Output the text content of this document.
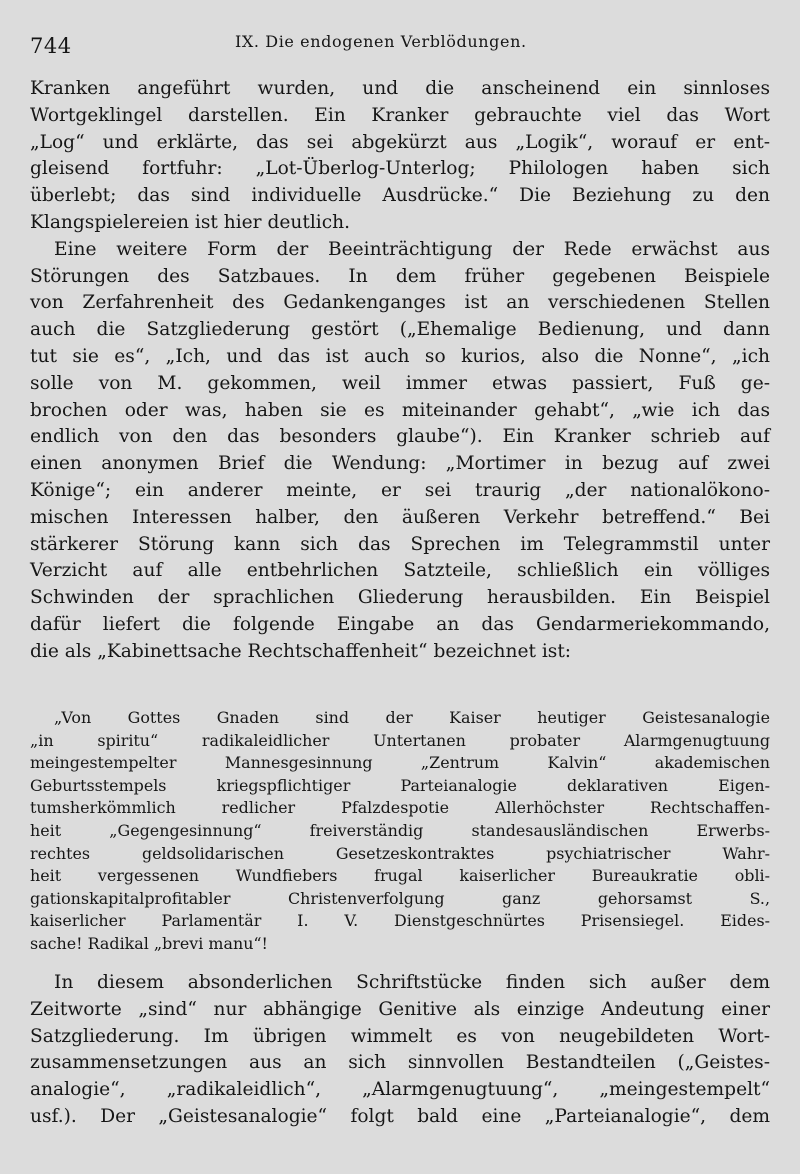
744	IX. Die endogenen Verblödungen.
Kranken angeführt wurden, und die anscheinend ein sinnloses
Wortgeklingel darstellen. Ein Kranker gebrauchte viel das Wort
„Log“ und erklärte, das sei abgekürzt aus „Logik“, worauf er ent-
gleisend fortfuhr: „Lot-Überlog-Unterlog; Philologen haben sich
überlebt; das sind individuelle Ausdrücke.“ Die Beziehung zu den
Klangspielereien ist hier deutlich.
Eine weitere Form der Beeinträchtigung der Rede erwächst aus
Störungen des Satzbaues. In dem früher gegebenen Beispiele
von Zerfahrenheit des Gedankenganges ist an verschiedenen Stellen
auch die Satzgliederung gestört („Ehemalige Bedienung, und dann
tut sie es“, „Ich, und das ist auch so kurios, also die Nonne“, „ich
solle von M. gekommen, weil immer etwas passiert, Fuß ge-
brochen oder was, haben sie es miteinander gehabt“, „wie ich das
endlich von den das besonders glaube“). Ein Kranker schrieb auf
einen anonymen Brief die Wendung: „Mortimer in bezug auf zwei
Könige“; ein anderer meinte, er sei traurig „der nationalökono-
mischen Interessen halber, den äußeren Verkehr betreffend.“ Bei
stärkerer Störung kann sich das Sprechen im Telegrammstil unter
Verzicht auf alle entbehrlichen Satzteile, schließlich ein völliges
Schwinden der sprachlichen Gliederung herausbilden. Ein Beispiel
dafür liefert die folgende Eingabe an das Gendarmeriekommando,
die als „Kabinettsache Rechtschaffenheit“ bezeichnet ist:
„Von Gottes Gnaden sind der Kaiser heutiger Geistesanalogie
„in spiritu“ radikaleidlicher Untertanen probater Alarmgenugtuung
meingestempelter Mannesgesinnung „Zentrum Kalvin“ akademischen
Geburtsstempels kriegspflichtiger Parteianalogie deklarativen Eigen-
tumsherkömmlich redlicher Pfalzdespotie Allerhöchster Rechtschaffen-
heit „Gegengesinnung“ freiverständig standesausländischen Erwerbs-
rechtes geldsolidarischen Gesetzeskontraktes psychiatrischer Wahr-
heit vergessenen Wundfiebers frugal kaiserlicher Bureaukratie obli-
gationskapitalprofitabler Christenverfolgung ganz gehorsamst S.,
kaiserlicher Parlamentär I. V. Dienstgeschnürtes Prisensiegel. Eides-
sache! Radikal „brevi manu“!
In diesem absonderlichen Schriftstücke finden sich außer dem
Zeitworte „sind“ nur abhängige Genitive als einzige Andeutung einer
Satzgliederung. Im übrigen wimmelt es von neugebildeten Wort-
zusammensetzungen aus an sich sinnvollen Bestandteilen („Geistes-
analogie“, „radikaleidlich“, „Alarmgenugtuung“, „meingestempelt“
usf.). Der „Geistesanalogie“ folgt bald eine „Parteianalogie“, dem
